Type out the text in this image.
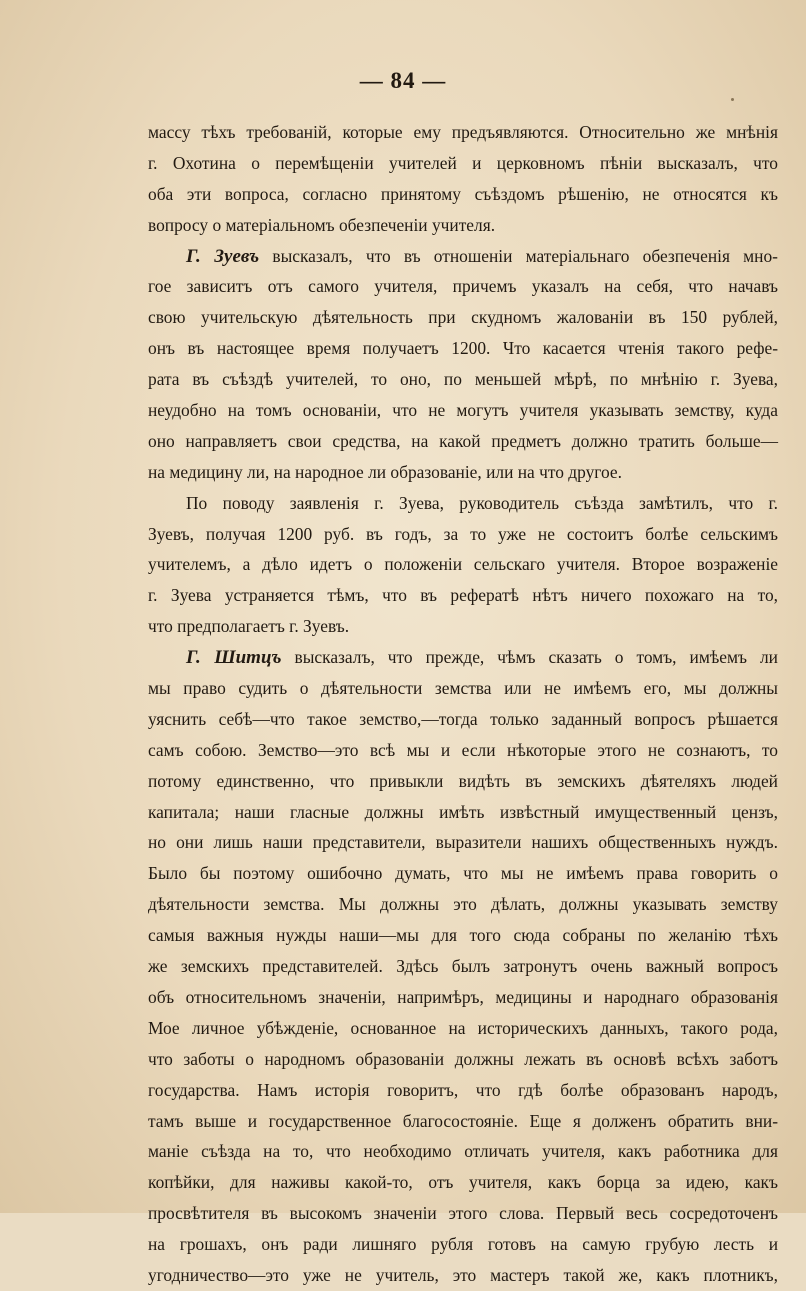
— 84 —
массу тѣхъ требованій, которые ему предъявляются. Относительно же мнѣнія
г. Охотина о перемѣщеніи учителей и церковномъ пѣніи высказалъ, что
оба эти вопроса, согласно принятому съѣздомъ рѣшенію, не относятся къ
вопросу о матеріальномъ обезпеченіи учителя.
Г. Зуевъ высказалъ, что въ отношеніи матеріальнаго обезпеченія мно-
гое зависитъ отъ самого учителя, причемъ указалъ на себя, что начавъ
свою учительскую дѣятельность при скудномъ жалованіи въ 150 рублей,
онъ въ настоящее время получаетъ 1200. Что касается чтенія такого рефе-
рата въ съѣздѣ учителей, то оно, по меньшей мѣрѣ, по мнѣнію г. Зуева,
неудобно на томъ основаніи, что не могутъ учителя указывать земству, куда
оно направляетъ свои средства, на какой предметъ должно тратить больше—
на медицину ли, на народное ли образованіе, или на что другое.
По поводу заявленія г. Зуева, руководитель съѣзда замѣтилъ, что г.
Зуевъ, получая 1200 руб. въ годъ, за то уже не состоитъ болѣе сельскимъ
учителемъ, а дѣло идетъ о положеніи сельскаго учителя. Второе возраженіе
г. Зуева устраняется тѣмъ, что въ рефератѣ нѣтъ ничего похожаго на то,
что предполагаетъ г. Зуевъ.
Г. Шитцъ высказалъ, что прежде, чѣмъ сказать о томъ, имѣемъ ли
мы право судить о дѣятельности земства или не имѣемъ его, мы должны
уяснить себѣ—что такое земство,—тогда только заданный вопросъ рѣшается
самъ собою. Земство—это всѣ мы и если нѣкоторые этого не сознаютъ, то
потому единственно, что привыкли видѣть въ земскихъ дѣятеляхъ людей
капитала; наши гласные должны имѣть извѣстный имущественный цензъ,
но они лишь наши представители, выразители нашихъ общественныхъ нуждъ.
Было бы поэтому ошибочно думать, что мы не имѣемъ права говорить о
дѣятельности земства. Мы должны это дѣлать, должны указывать земству
самыя важныя нужды наши—мы для того сюда собраны по желанію тѣхъ
же земскихъ представителей. Здѣсь былъ затронутъ очень важный вопросъ
объ относительномъ значеніи, напримѣръ, медицины и народнаго образованія
Мое личное убѣжденіе, основанное на историческихъ данныхъ, такого рода,
что заботы о народномъ образованіи должны лежать въ основѣ всѣхъ заботъ
государства. Намъ исторія говоритъ, что гдѣ болѣе образованъ народъ,
тамъ выше и государственное благосостояніе. Еще я долженъ обратить вни-
маніе съѣзда на то, что необходимо отличать учителя, какъ работника для
копѣйки, для наживы какой-то, отъ учителя, какъ борца за идею, какъ
просвѣтителя въ высокомъ значеніи этого слова. Первый весь сосредоточенъ
на грошахъ, онъ ради лишняго рубля готовъ на самую грубую лесть и
угодничество—это уже не учитель, это мастеръ такой же, какъ плотникъ,
